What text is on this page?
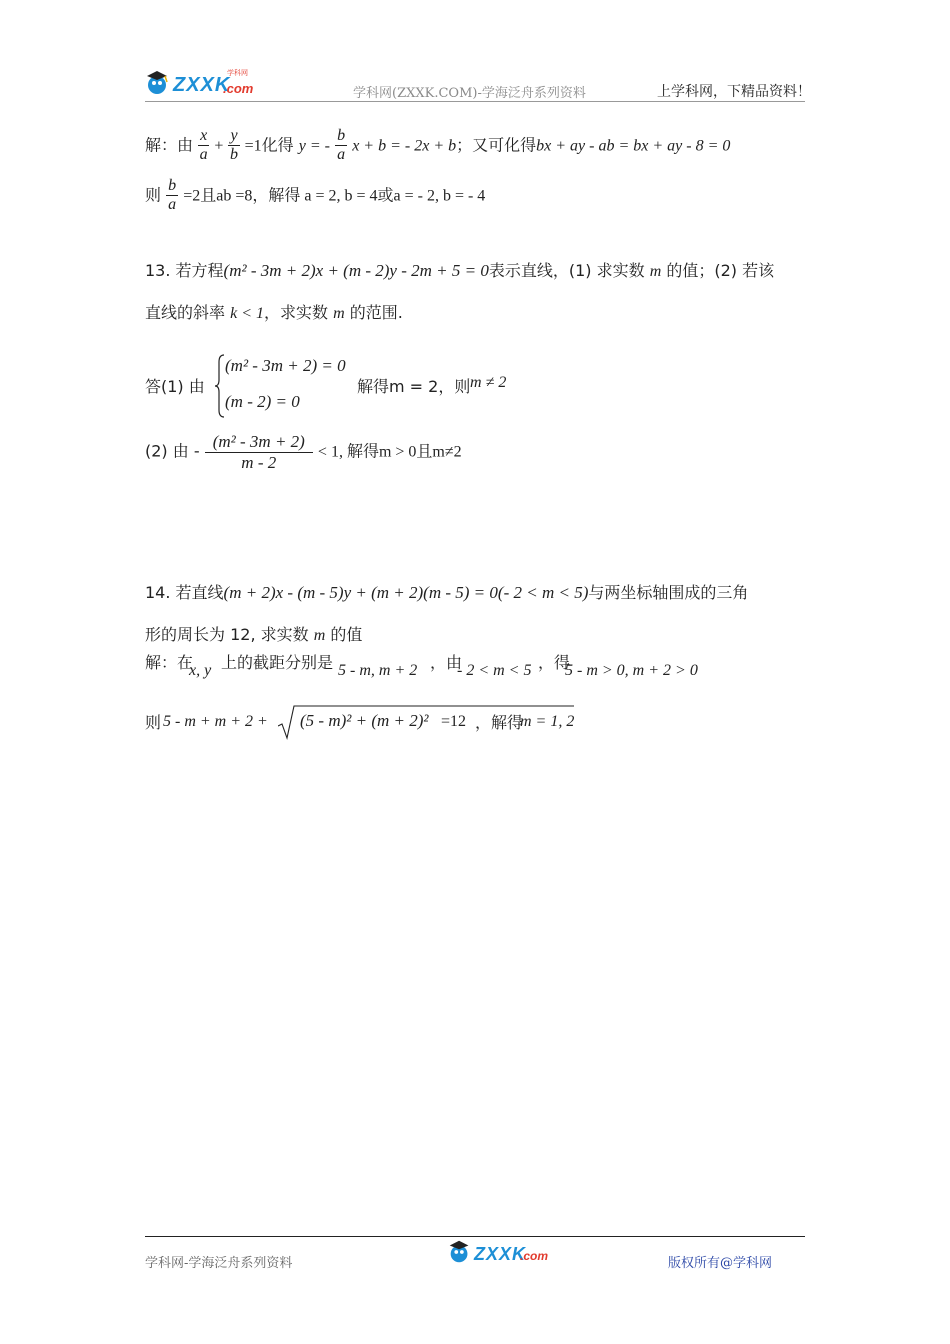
ZXXK
.com
学科网
学科网(ZXXK.COM)-学海泛舟系列资料	上学科网，下精品资料！
解：由 $\frac{x}{a} + \frac{y}{b} =1$化得 y = - $\frac{b}{a}$ x + b = - 2x + b；又可化得bx + ay - ab = bx + ay - 8 = 0
则 $\frac{b}{a} =2$且ab =8，解得 a = 2, b = 4或a = - 2, b = - 4
13. 若方程(m² - 3m + 2)x + (m - 2)y - 2m + 5 = 0表示直线，(1) 求实数 m 的值；(2) 若该
直线的斜率 k < 1，求实数 m 的范围.
答(1) 由
(m² - 3m + 2) = 0
(m - 2) = 0
解得m = 2，则 m ≠ 2
(2) 由 - $\frac{\text{(m² - 3m + 2)}}{m - 2} < 1$, 解得m > 0且m≠2
14. 若直线(m + 2)x - (m - 5)y + (m + 2)(m - 5) = 0(- 2 < m < 5)与两坐标轴围成的三角
形的周长为 12, 求实数 m 的值
解：在
x, y 上的截距分别是 5 - m, m + 2 ，由
- 2 < m < 5 ，得
5 - m > 0, m + 2 > 0
则 5 - m + m + 2 + (5 - m)² + (m + 2)² =12 ，解得
m = 1, 2
学科网-学海泛舟系列资料	ZXXK
.com	版权所有@学科网
